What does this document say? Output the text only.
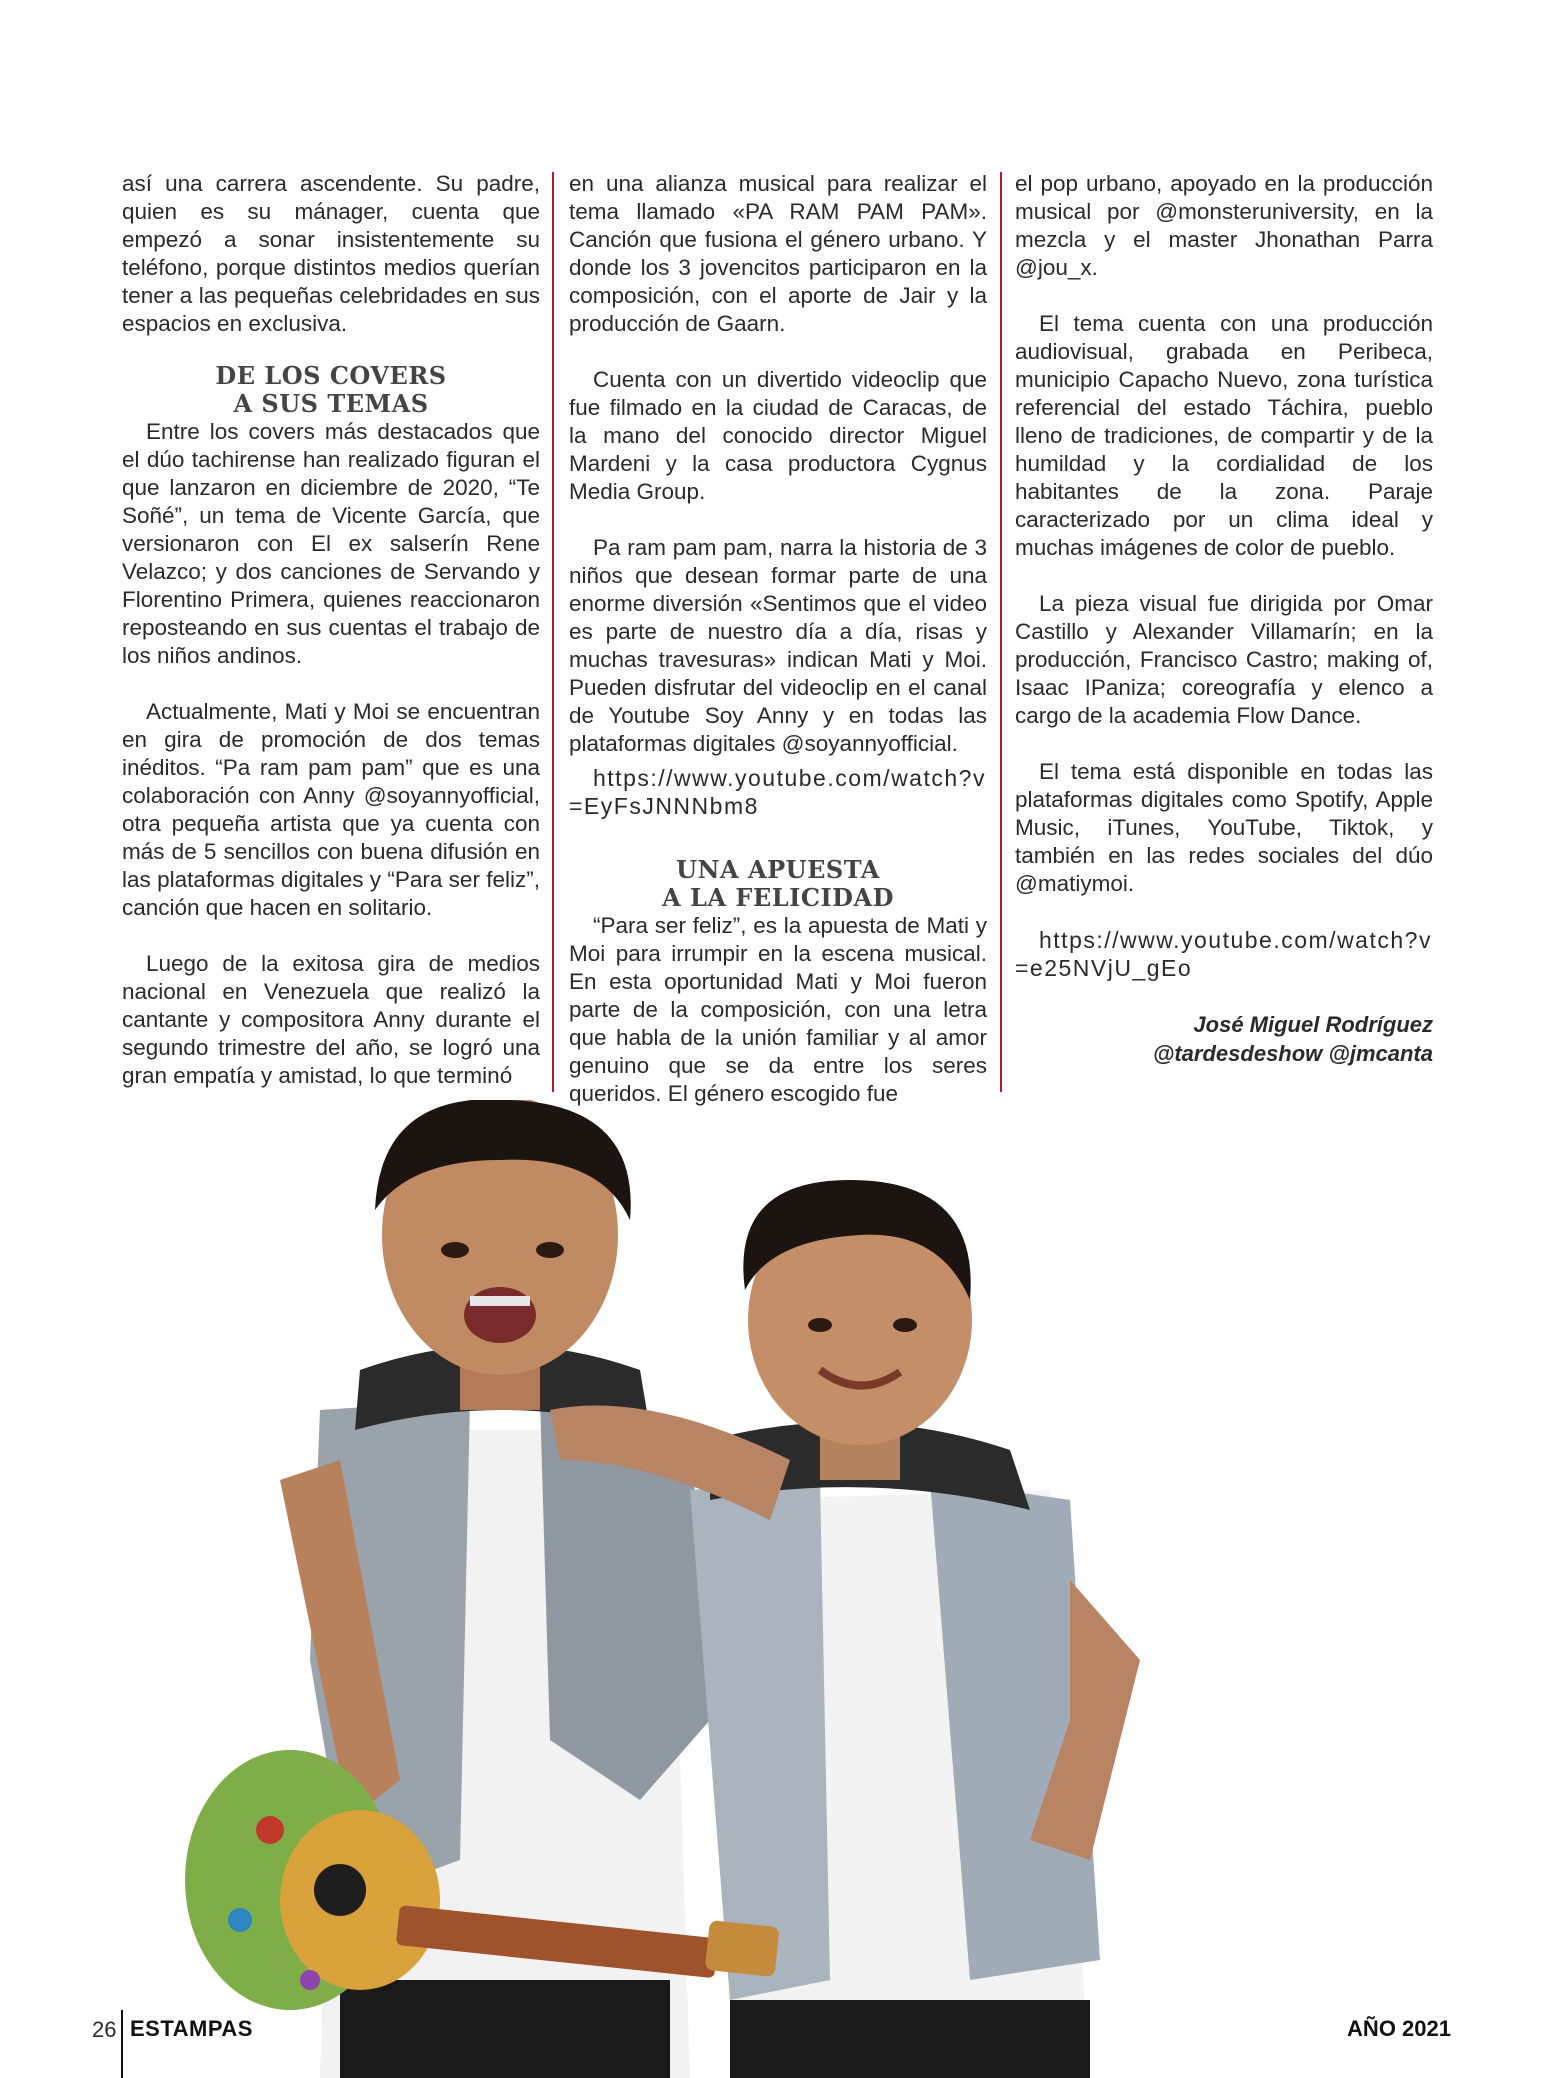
así una carrera ascendente. Su padre, quien es su mánager, cuenta que empezó a sonar insistentemente su teléfono, porque distintos medios querían tener a las pequeñas celebridades en sus espacios en exclusiva.

DE LOS COVERS
A SUS TEMAS

Entre los covers más destacados que el dúo tachirense han realizado figuran el que lanzaron en diciembre de 2020, “Te Soñé”, un tema de Vicente García, que versionaron con El ex salserín Rene Velazco; y dos canciones de Servando y Florentino Primera, quienes reaccionaron reposteando en sus cuentas el trabajo de los niños andinos.

Actualmente, Mati y Moi se encuentran en gira de promoción de dos temas inéditos. “Pa ram pam pam” que es una colaboración con Anny @soyannyofficial, otra pequeña artista que ya cuenta con más de 5 sencillos con buena difusión en las plataformas digitales y “Para ser feliz”, canción que hacen en solitario.

Luego de la exitosa gira de medios nacional en Venezuela que realizó la cantante y compositora Anny durante el segundo trimestre del año, se logró una gran empatía y amistad, lo que terminó

en una alianza musical para realizar el tema llamado «PA RAM PAM PAM». Canción que fusiona el género urbano. Y donde los 3 jovencitos participaron en la composición, con el aporte de Jair y la producción de Gaarn.

Cuenta con un divertido videoclip que fue filmado en la ciudad de Caracas, de la mano del conocido director Miguel Mardeni y la casa productora Cygnus Media Group.

Pa ram pam pam, narra la historia de 3 niños que desean formar parte de una enorme diversión «Sentimos que el video es parte de nuestro día a día, risas y muchas travesuras» indican Mati y Moi. Pueden disfrutar del videoclip en el canal de Youtube Soy Anny y en todas las plataformas digitales @soyannyofficial.

https://www.youtube.com/watch?v=EyFsJNNNbm8

UNA APUESTA
A LA FELICIDAD

“Para ser feliz”, es la apuesta de Mati y Moi para irrumpir en la escena musical. En esta oportunidad Mati y Moi fueron parte de la composición, con una letra que habla de la unión familiar y al amor genuino que se da entre los seres queridos. El género escogido fue

el pop urbano, apoyado en la producción musical por @monsteruniversity, en la mezcla y el master Jhonathan Parra @jou_x.

El tema cuenta con una producción audiovisual, grabada en Peribeca, municipio Capacho Nuevo, zona turística referencial del estado Táchira, pueblo lleno de tradiciones, de compartir y de la humildad y la cordialidad de los habitantes de la zona. Paraje caracterizado por un clima ideal y muchas imágenes de color de pueblo.

La pieza visual fue dirigida por Omar Castillo y Alexander Villamarín; en la producción, Francisco Castro; making of, Isaac IPaniza; coreografía y elenco a cargo de la academia Flow Dance.

El tema está disponible en todas las plataformas digitales como Spotify, Apple Music, iTunes, YouTube, Tiktok, y también en las redes sociales del dúo @matiymoi.

https://www.youtube.com/watch?v=e25NVjU_gEo

José Miguel Rodríguez
@tardesdeshow @jmcanta
26 ESTAMPAS	AÑO 2021
